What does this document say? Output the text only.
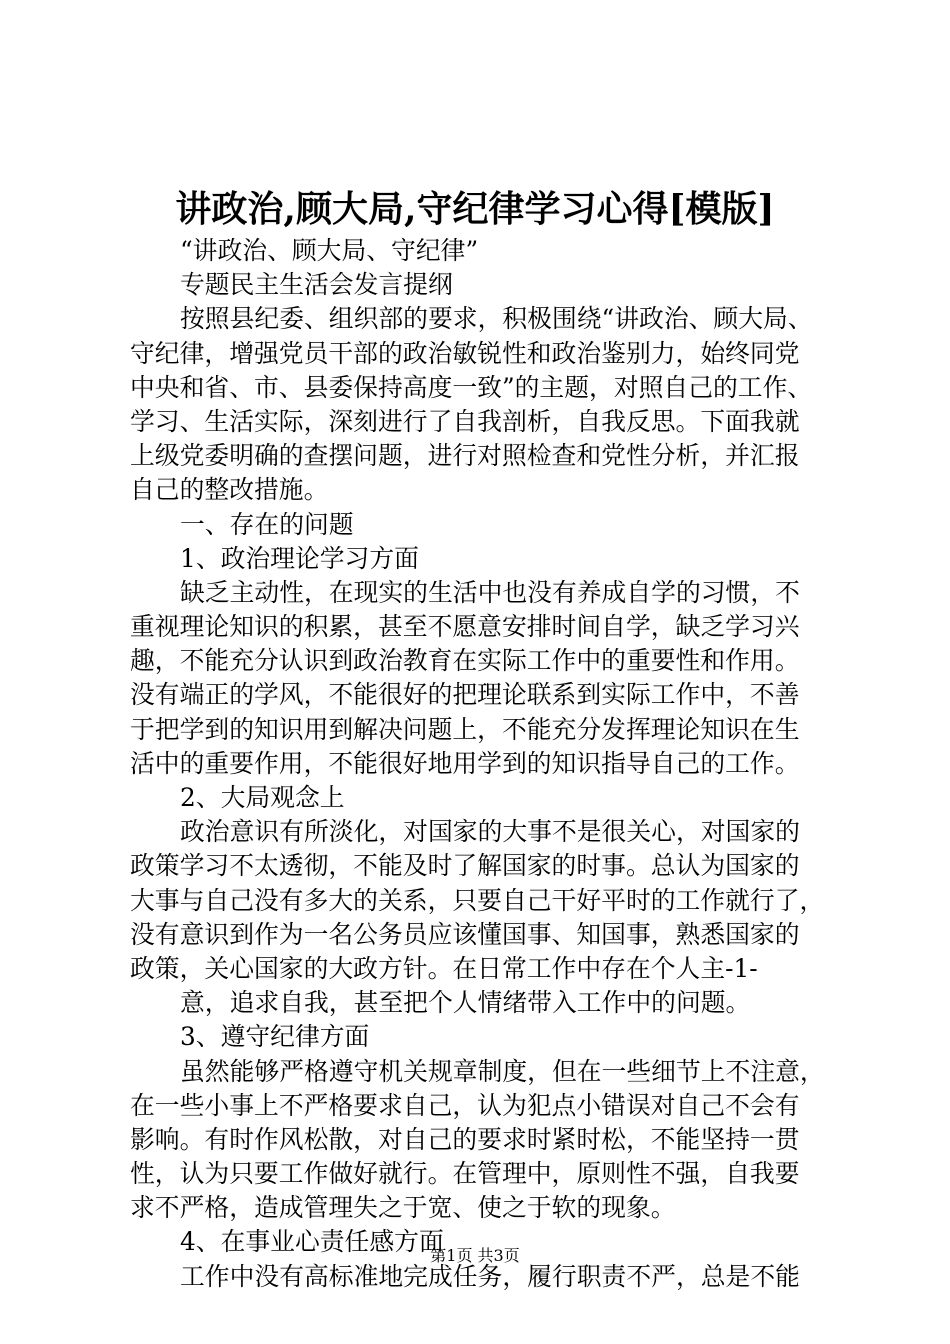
讲政治,顾大局,守纪律学习心得[模版]
“讲政治、顾大局、守纪律”
专题民主生活会发言提纲
按照县纪委、组织部的要求，积极围绕“讲政治、顾大局、
守纪律，增强党员干部的政治敏锐性和政治鉴别力，始终同党
中央和省、市、县委保持高度一致”的主题，对照自己的工作、
学习、生活实际，深刻进行了自我剖析，自我反思。下面我就
上级党委明确的查摆问题，进行对照检查和党性分析，并汇报
自己的整改措施。
一、存在的问题
1、政治理论学习方面
缺乏主动性，在现实的生活中也没有养成自学的习惯，不
重视理论知识的积累，甚至不愿意安排时间自学，缺乏学习兴
趣，不能充分认识到政治教育在实际工作中的重要性和作用。
没有端正的学风，不能很好的把理论联系到实际工作中，不善
于把学到的知识用到解决问题上，不能充分发挥理论知识在生
活中的重要作用，不能很好地用学到的知识指导自己的工作。
2、大局观念上
政治意识有所淡化，对国家的大事不是很关心，对国家的
政策学习不太透彻，不能及时了解国家的时事。总认为国家的
大事与自己没有多大的关系，只要自己干好平时的工作就行了，
没有意识到作为一名公务员应该懂国事、知国事，熟悉国家的
政策，关心国家的大政方针。在日常工作中存在个人主-1-
意，追求自我，甚至把个人情绪带入工作中的问题。
3、遵守纪律方面
虽然能够严格遵守机关规章制度，但在一些细节上不注意，
在一些小事上不严格要求自己，认为犯点小错误对自己不会有
影响。有时作风松散，对自己的要求时紧时松，不能坚持一贯
性，认为只要工作做好就行。在管理中，原则性不强，自我要
求不严格，造成管理失之于宽、使之于软的现象。
4、在事业心责任感方面
工作中没有高标准地完成任务，履行职责不严，总是不能
第1页 共3页
